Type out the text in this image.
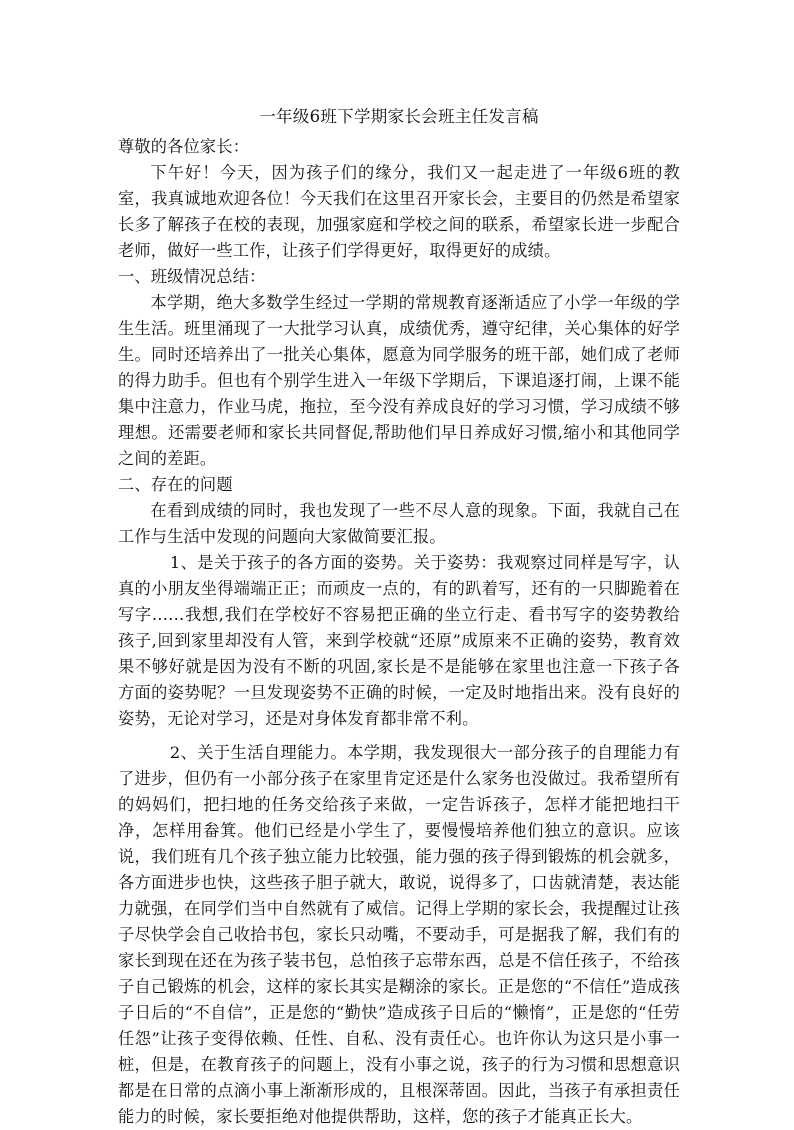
一年级6班下学期家长会班主任发言稿

尊敬的各位家长：

下午好！今天，因为孩子们的缘分，我们又一起走进了一年级6班的教室，我真诚地欢迎各位！今天我们在这里召开家长会，主要目的仍然是希望家长多了解孩子在校的表现，加强家庭和学校之间的联系，希望家长进一步配合老师，做好一些工作，让孩子们学得更好，取得更好的成绩。

一、班级情况总结：

本学期，绝大多数学生经过一学期的常规教育逐渐适应了小学一年级的学生生活。班里涌现了一大批学习认真，成绩优秀，遵守纪律，关心集体的好学生。同时还培养出了一批关心集体，愿意为同学服务的班干部，她们成了老师的得力助手。但也有个别学生进入一年级下学期后，下课追逐打闹，上课不能集中注意力，作业马虎，拖拉，至今没有养成良好的学习习惯，学习成绩不够理想。还需要老师和家长共同督促,帮助他们早日养成好习惯,缩小和其他同学之间的差距。

二、存在的问题

在看到成绩的同时，我也发现了一些不尽人意的现象。下面，我就自己在工作与生活中发现的问题向大家做简要汇报。

1、是关于孩子的各方面的姿势。关于姿势：我观察过同样是写字，认真的小朋友坐得端端正正；而顽皮一点的，有的趴着写，还有的一只脚跪着在写字……我想,我们在学校好不容易把正确的坐立行走、看书写字的姿势教给孩子,回到家里却没有人管，来到学校就“还原”成原来不正确的姿势，教育效果不够好就是因为没有不断的巩固,家长是不是能够在家里也注意一下孩子各方面的姿势呢？一旦发现姿势不正确的时候，一定及时地指出来。没有良好的姿势，无论对学习，还是对身体发育都非常不利。

2、关于生活自理能力。本学期，我发现很大一部分孩子的自理能力有了进步，但仍有一小部分孩子在家里肯定还是什么家务也没做过。我希望所有的妈妈们，把扫地的任务交给孩子来做，一定告诉孩子，怎样才能把地扫干净，怎样用畚箕。他们已经是小学生了，要慢慢培养他们独立的意识。应该说，我们班有几个孩子独立能力比较强，能力强的孩子得到锻炼的机会就多，各方面进步也快，这些孩子胆子就大，敢说，说得多了，口齿就清楚，表达能力就强，在同学们当中自然就有了威信。记得上学期的家长会，我提醒过让孩子尽快学会自己收拾书包，家长只动嘴，不要动手，可是据我了解，我们有的家长到现在还在为孩子装书包，总怕孩子忘带东西，总是不信任孩子，不给孩子自己锻炼的机会，这样的家长其实是糊涂的家长。正是您的“不信任”造成孩子日后的“不自信”，正是您的“勤快”造成孩子日后的“懒惰”，正是您的“任劳任怨”让孩子变得依赖、任性、自私、没有责任心。也许你认为这只是小事一桩，但是，在教育孩子的问题上，没有小事之说，孩子的行为习惯和思想意识都是在日常的点滴小事上渐渐形成的，且根深蒂固。因此，当孩子有承担责任能力的时候，家长要拒绝对他提供帮助，这样，您的孩子才能真正长大。
